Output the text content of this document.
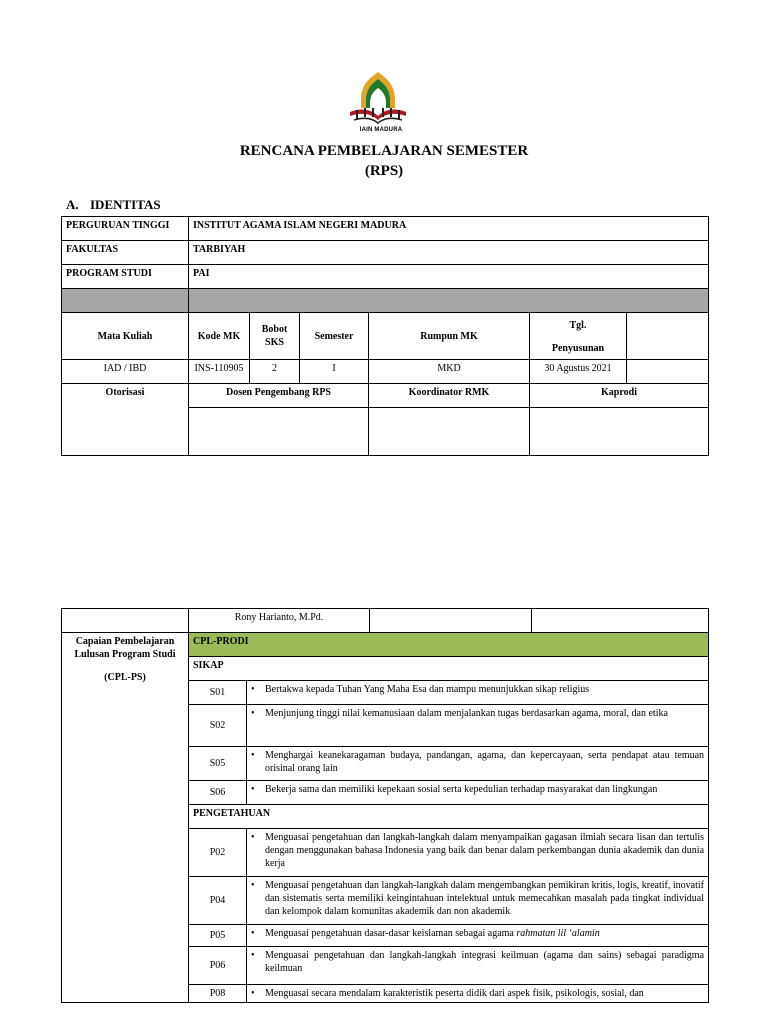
IAIN MADURA
RENCANA PEMBELAJARAN SEMESTER
(RPS)
A. IDENTITAS
PERGURUAN TINGGI	INSTITUT AGAMA ISLAM NEGERI MADURA					
FAKULTAS	TARBIYAH					
PROGRAM STUDI	PAI					

Mata Kuliah	Kode MK	Bobot SKS	Semester	Rumpun MK	Tgl.
Penyusunan	

IAD / IBD	INS-110905	2	I	MKD	30 Agustus 2021	
Otorisasi	Dosen Pengembang RPS			Koordinator RMK	Kaprodi	

	Rony Harianto, M.Pd.			

Capaian Pembelajaran
Lulusan Program Studi
(CPL-PS)	CPL-PRODI			
	SIKAP			
	S01	• Bertakwa kepada Tuhan Yang Maha Esa dan mampu menunjukkan sikap religius		

	S02	• Menjunjung tinggi nilai kemanusiaan dalam menjalankan tugas berdasarkan agama, moral, dan etika		

	S05	• Menghargai keanekaragaman budaya, pandangan, agama, dan kepercayaan, serta pendapat atau temuan orisinal orang lain		

	S06	• Bekerja sama dan memiliki kepekaan sosial serta kepedulian terhadap masyarakat dan lingkungan		

	PENGETAHUAN			
	P02	• Menguasai pengetahuan dan langkah-langkah dalam menyampaikan gagasan ilmiah secara lisan dan tertulis dengan menggunakan bahasa Indonesia yang baik dan benar dalam perkembangan dunia akademik dan dunia kerja		

	P04	• Menguasai pengetahuan dan langkah-langkah dalam mengembangkan pemikiran kritis, logis, kreatif, inovatif dan sistematis serta memiliki keingintahuan intelektual untuk memecahkan masalah pada tingkat individual dan kelompok dalam komunitas akademik dan non akademik		

	P05	• Menguasai pengetahuan dasar-dasar keislaman sebagai agama rahmatan lil ‘alamin		

	P06	• Menguasai pengetahuan dan langkah-langkah integrasi keilmuan (agama dan sains) sebagai paradigma keilmuan		

	P08	• Menguasai secara mendalam karakteristik peserta didik dari aspek fisik, psikologis, sosial, dan		
